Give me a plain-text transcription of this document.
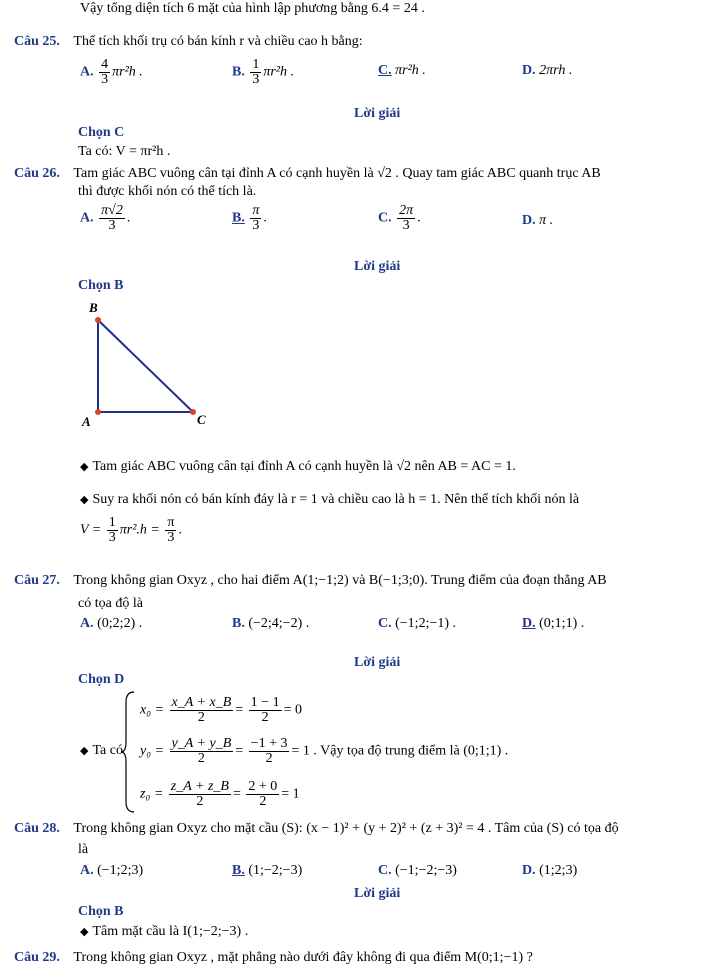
Vậy tổng diện tích 6 mặt của hình lập phương bằng 6.4 = 24 .
Câu 25. Thể tích khối trụ có bán kính r và chiều cao h bằng:
A. $\frac{4}{3} \pi r^2h$ .	B. $\frac{1}{3} \pi r^2h$ .	C. πr²h .	D. 2πrh .
Lời giải
Chọn C
Ta có: V = πr²h .
Câu 26. Tam giác ABC vuông cân tại đỉnh A có cạnh huyền là √2 . Quay tam giác ABC quanh trục AB
thì được khối nón có thể tích là.
A. $\frac{\pi√2}{3}$ .	B. $\frac{\pi}{3}$ .	C. $\frac{2\pi}{3}$ .	D. π .
Lời giải
Chọn B
B
A	C
◆ Tam giác ABC vuông cân tại đỉnh A có cạnh huyền là √2 nên AB = AC = 1.
◆ Suy ra khối nón có bán kính đáy là r = 1 và chiều cao là h = 1. Nên thể tích khối nón là
$V = \frac{1}{3} \pi r^2.h = \frac{\pi}{3}$ .
Câu 27. Trong không gian Oxyz , cho hai điểm A(1;−1;2) và B(−1;3;0). Trung điểm của đoạn thẳng AB
có tọa độ là
A. (0;2;2) .	B. (−2;4;−2) .	C. (−1;2;−1) .	D. (0;1;1) .
Lời giải
Chọn D
◆ Ta có
$x_0 = \frac{x\_A + x\_B}{2} = \frac{1 - 1}{2} = 0$
$y_0 = \frac{y\_A + y\_B}{2} = \frac{-1 + 3}{2} = 1$ . Vậy tọa độ trung điểm là (0;1;1) .
$z_0 = \frac{z\_A + z\_B}{2} = \frac{2 + 0}{2} = 1$
Câu 28. Trong không gian Oxyz cho mặt cầu (S): (x − 1)² + (y + 2)² + (z + 3)² = 4 . Tâm của (S) có tọa độ
là
A. (−1;2;3)	B. (1;−2;−3)	C. (−1;−2;−3)	D. (1;2;3)
Lời giải
Chọn B
◆ Tâm mặt cầu là I(1;−2;−3) .
Câu 29. Trong không gian Oxyz , mặt phẳng nào dưới đây không đi qua điểm M(0;1;−1) ?
